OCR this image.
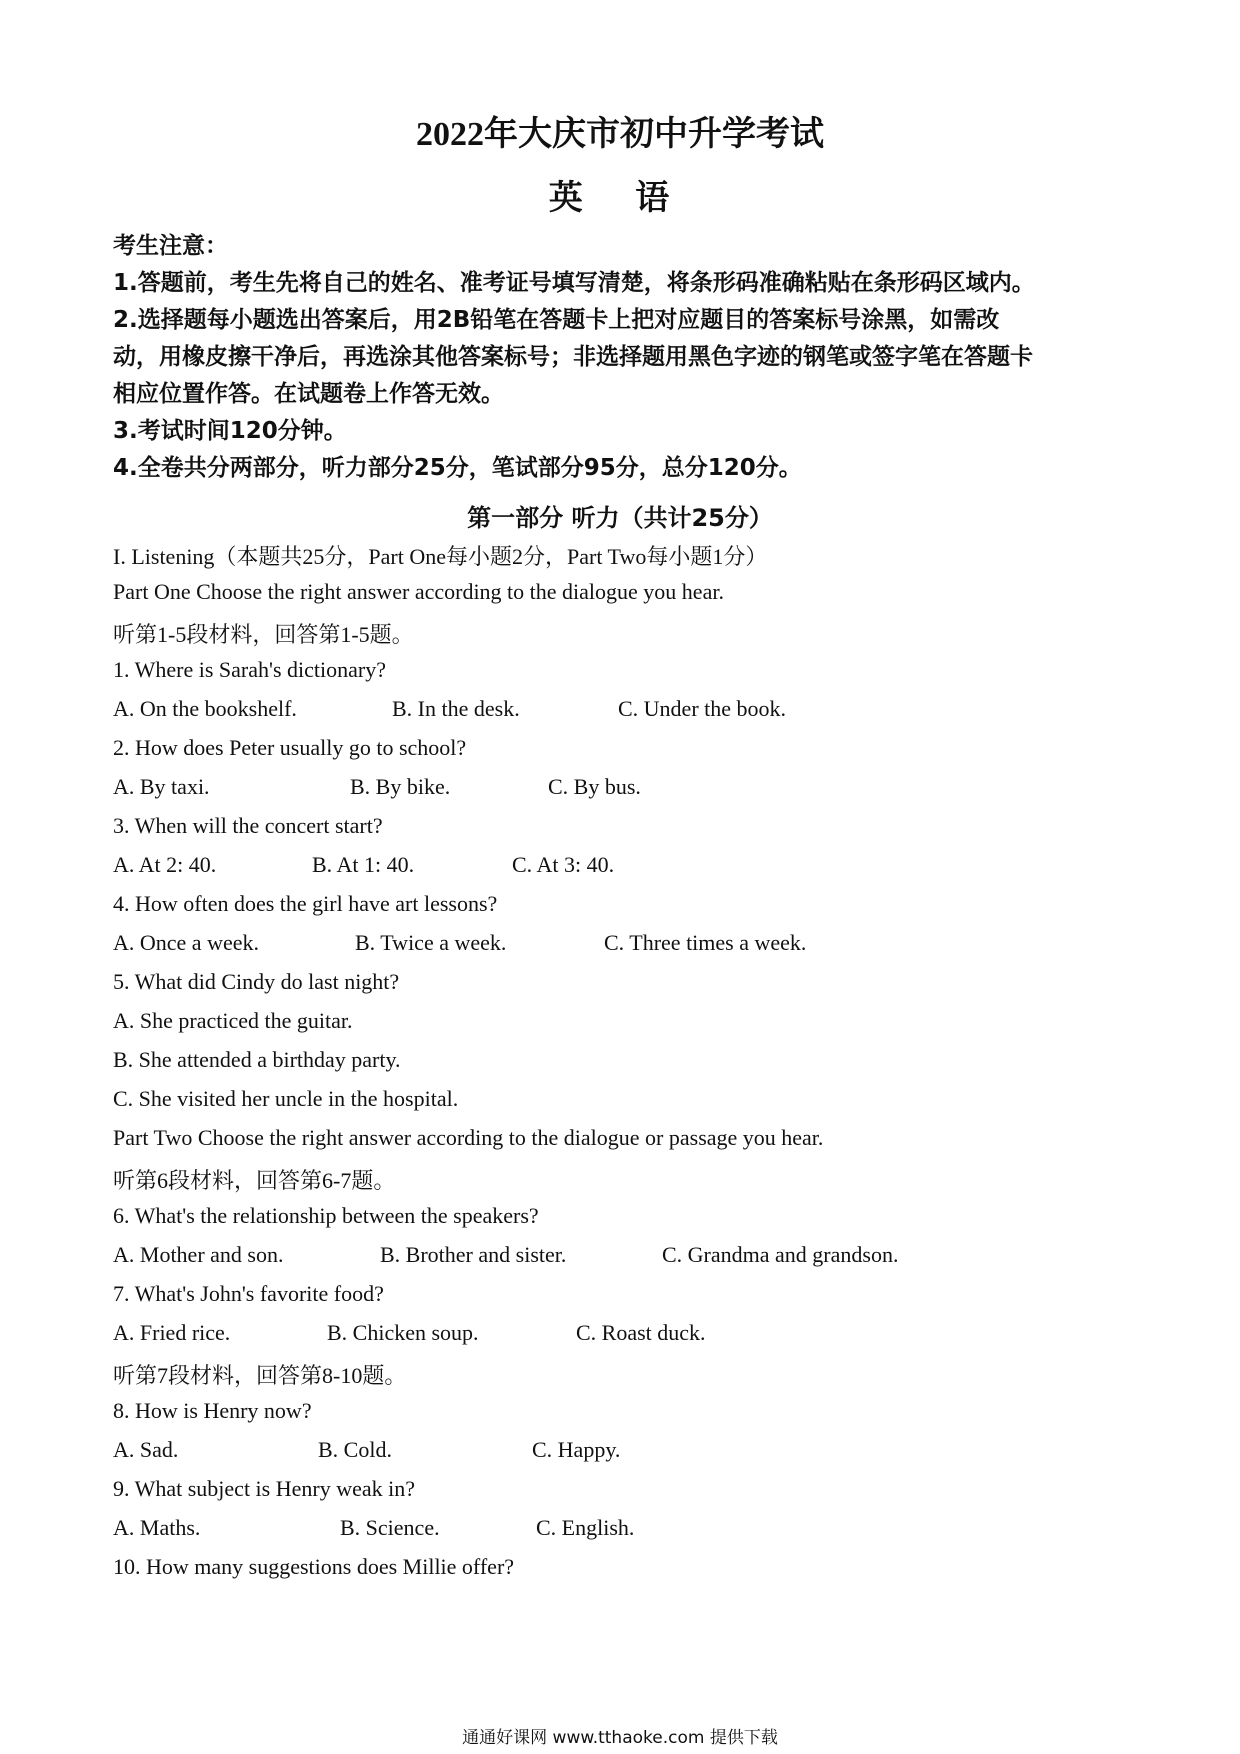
2022年大庆市初中升学考试
英 语

考生注意：

1.答题前，考生先将自己的姓名、准考证号填写清楚，将条形码准确粘贴在条形码区域内。

2.选择题每小题选出答案后，用2B铅笔在答题卡上把对应题目的答案标号涂黑，如需改

动，用橡皮擦干净后，再选涂其他答案标号；非选择题用黑色字迹的钢笔或签字笔在答题卡

相应位置作答。在试题卷上作答无效。

3.考试时间120分钟。

4.全卷共分两部分，听力部分25分，笔试部分95分，总分120分。

第一部分 听力（共计25分）
I. Listening（本题共25分，Part One每小题2分，Part Two每小题1分）
Part One Choose the right answer according to the dialogue you hear.
听第1-5段材料，回答第1-5题。
1. Where is Sarah's dictionary?
A. On the bookshelf.	B. In the desk.	C. Under the book.
2. How does Peter usually go to school?
A. By taxi.	B. By bike.	C. By bus.
3. When will the concert start?
A. At 2: 40.	B. At 1: 40.	C. At 3: 40.
4. How often does the girl have art lessons?
A. Once a week.	B. Twice a week.	C. Three times a week.
5. What did Cindy do last night?
A. She practiced the guitar.
B. She attended a birthday party.
C. She visited her uncle in the hospital.
Part Two Choose the right answer according to the dialogue or passage you hear.
听第6段材料，回答第6-7题。
6. What's the relationship between the speakers?
A. Mother and son.	B. Brother and sister.	C. Grandma and grandson.
7. What's John's favorite food?
A. Fried rice.	B. Chicken soup.	C. Roast duck.
听第7段材料，回答第8-10题。
8. How is Henry now?
A. Sad.	B. Cold.	C. Happy.
9. What subject is Henry weak in?
A. Maths.	B. Science.	C. English.
10. How many suggestions does Millie offer?
通通好课网 www.tthaoke.com 提供下载
